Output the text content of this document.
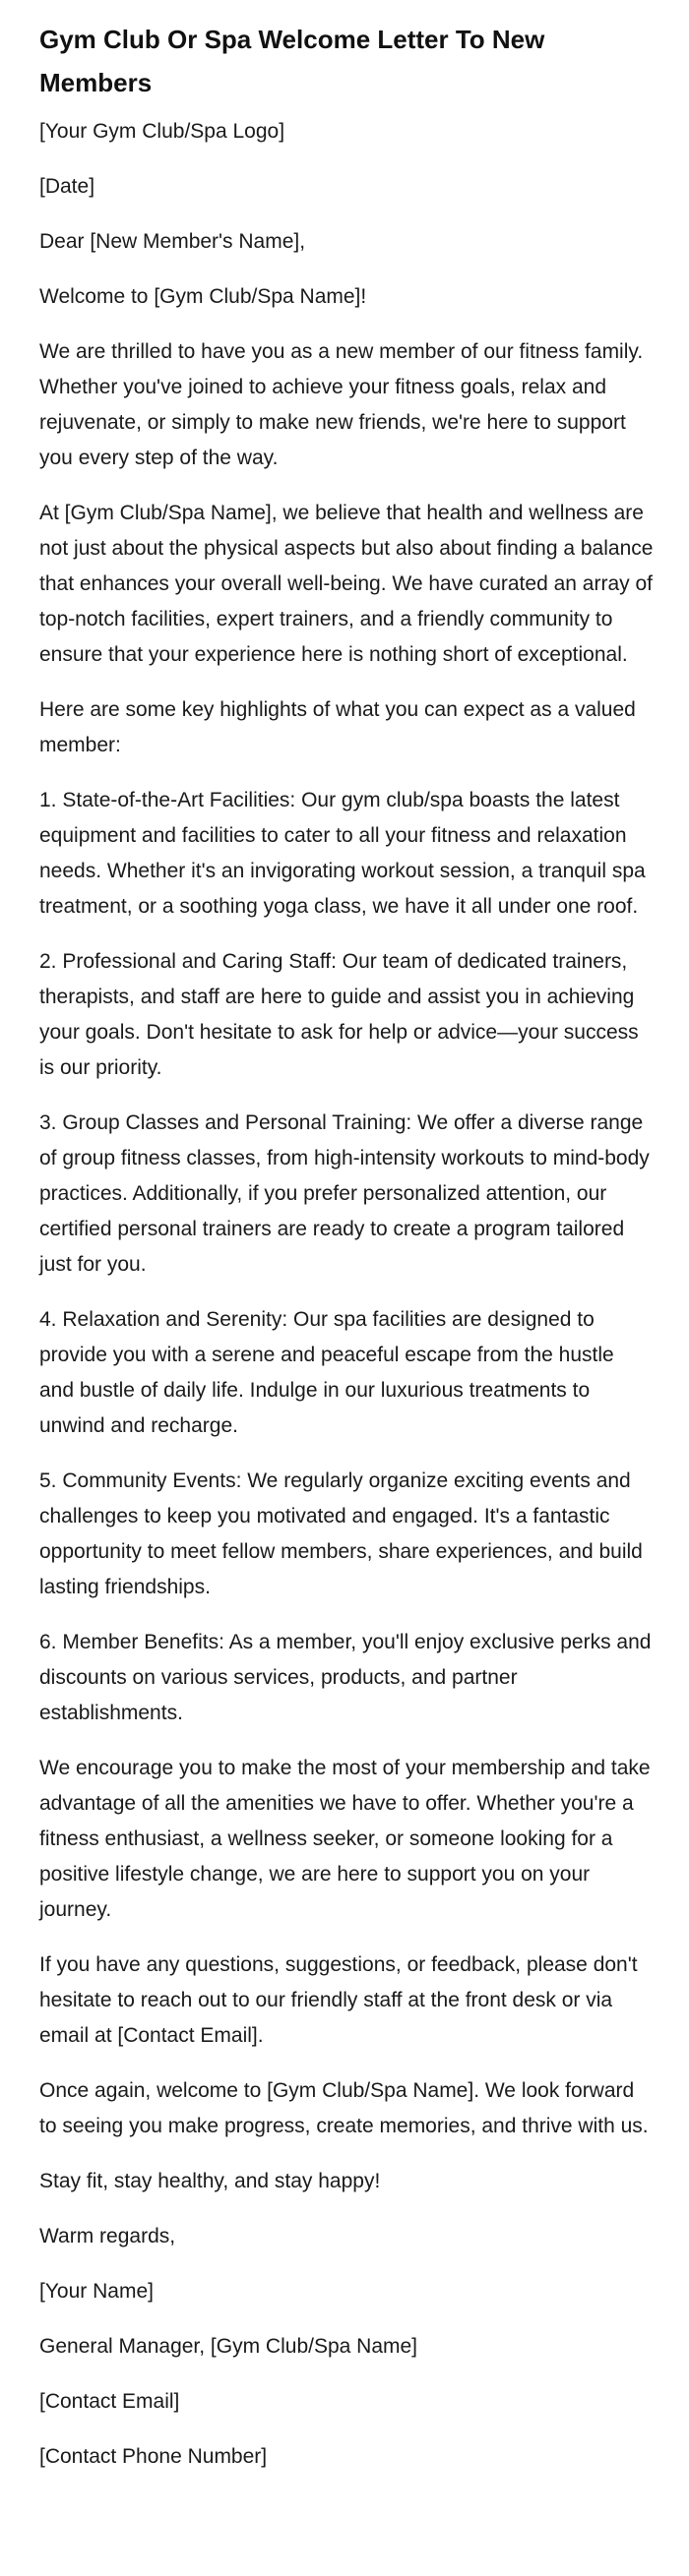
Gym Club Or Spa Welcome Letter To New Members

[Your Gym Club/Spa Logo]

[Date]

Dear [New Member's Name],

Welcome to [Gym Club/Spa Name]!

We are thrilled to have you as a new member of our fitness family. Whether you've joined to achieve your fitness goals, relax and rejuvenate, or simply to make new friends, we're here to support you every step of the way.

At [Gym Club/Spa Name], we believe that health and wellness are not just about the physical aspects but also about finding a balance that enhances your overall well-being. We have curated an array of top-notch facilities, expert trainers, and a friendly community to ensure that your experience here is nothing short of exceptional.

Here are some key highlights of what you can expect as a valued member:

1. State-of-the-Art Facilities: Our gym club/spa boasts the latest equipment and facilities to cater to all your fitness and relaxation needs. Whether it's an invigorating workout session, a tranquil spa treatment, or a soothing yoga class, we have it all under one roof.

2. Professional and Caring Staff: Our team of dedicated trainers, therapists, and staff are here to guide and assist you in achieving your goals. Don't hesitate to ask for help or advice—your success is our priority.

3. Group Classes and Personal Training: We offer a diverse range of group fitness classes, from high-intensity workouts to mind-body practices. Additionally, if you prefer personalized attention, our certified personal trainers are ready to create a program tailored just for you.

4. Relaxation and Serenity: Our spa facilities are designed to provide you with a serene and peaceful escape from the hustle and bustle of daily life. Indulge in our luxurious treatments to unwind and recharge.

5. Community Events: We regularly organize exciting events and challenges to keep you motivated and engaged. It's a fantastic opportunity to meet fellow members, share experiences, and build lasting friendships.

6. Member Benefits: As a member, you'll enjoy exclusive perks and discounts on various services, products, and partner establishments.

We encourage you to make the most of your membership and take advantage of all the amenities we have to offer. Whether you're a fitness enthusiast, a wellness seeker, or someone looking for a positive lifestyle change, we are here to support you on your journey.

If you have any questions, suggestions, or feedback, please don't hesitate to reach out to our friendly staff at the front desk or via email at [Contact Email].

Once again, welcome to [Gym Club/Spa Name]. We look forward to seeing you make progress, create memories, and thrive with us.

Stay fit, stay healthy, and stay happy!

Warm regards,

[Your Name]

General Manager, [Gym Club/Spa Name]

[Contact Email]

[Contact Phone Number]
